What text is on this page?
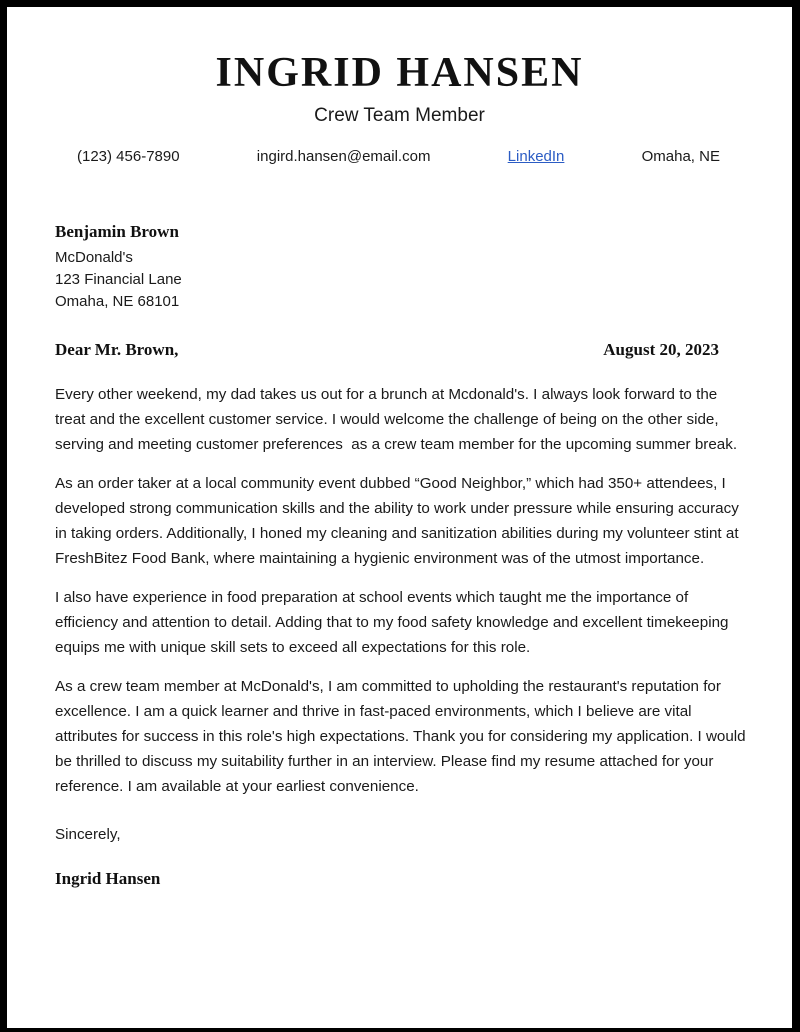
INGRID HANSEN

Crew Team Member

(123) 456-7890	ingird.hansen@email.com	LinkedIn	Omaha, NE
Benjamin Brown
McDonald's
123 Financial Lane
Omaha, NE 68101
Dear Mr. Brown,	August 20, 2023

Every other weekend, my dad takes us out for a brunch at Mcdonald's. I always look forward to the treat and the excellent customer service. I would welcome the challenge of being on the other side, serving and meeting customer preferences  as a crew team member for the upcoming summer break.

As an order taker at a local community event dubbed “Good Neighbor,” which had 350+ attendees, I developed strong communication skills and the ability to work under pressure while ensuring accuracy in taking orders. Additionally, I honed my cleaning and sanitization abilities during my volunteer stint at FreshBitez Food Bank, where maintaining a hygienic environment was of the utmost importance.

I also have experience in food preparation at school events which taught me the importance of efficiency and attention to detail. Adding that to my food safety knowledge and excellent timekeeping equips me with unique skill sets to exceed all expectations for this role.

As a crew team member at McDonald's, I am committed to upholding the restaurant's reputation for excellence. I am a quick learner and thrive in fast-paced environments, which I believe are vital attributes for success in this role's high expectations. Thank you for considering my application. I would be thrilled to discuss my suitability further in an interview. Please find my resume attached for your reference. I am available at your earliest convenience.

Sincerely,

Ingrid Hansen
